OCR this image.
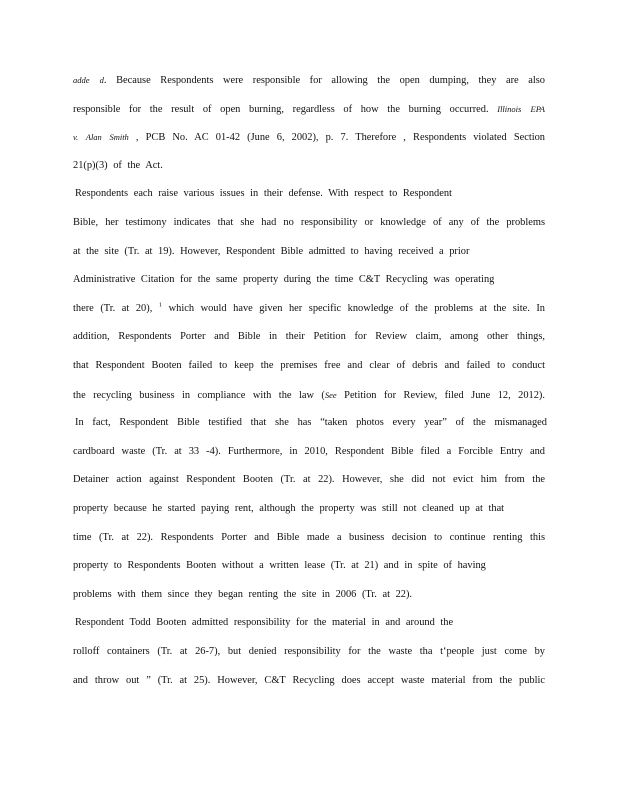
adde d. Because Respondents were responsible for allowing the open dumping, they are also
responsible for the result of open burning, regardless of how the burning occurred. Illinois EPA
v. Alan Smith , PCB No. AC 01-42 (June 6, 2002), p. 7. Therefore , Respondents violated Section
21(p)(3) of the Act.
Respondents each raise various issues in their defense. With respect to Respondent
Bible, her testimony indicates that she had no responsibility or knowledge of any of the problems
at the site (Tr. at 19). However, Respondent Bible admitted to having received a prior
Administrative Citation for the same property during the time C&T Recycling was operating
there (Tr. at 20), $^1$ which would have given her specific knowledge of the problems at the site. In
addition, Respondents Porter and Bible in their Petition for Review claim, among other things,
that Respondent Booten failed to keep the premises free and clear of debris and failed to conduct
the recycling business in compliance with the law (See Petition for Review, filed June 12, 2012).
In fact, Respondent Bible testified that she has “taken photos every year” of the mismanaged
cardboard waste (Tr. at 33 -4). Furthermore, in 2010, Respondent Bible filed a Forcible Entry and
Detainer action against Respondent Booten (Tr. at 22). However, she did not evict him from the
property because he started paying rent, although the property was still not cleaned up at that
time (Tr. at 22). Respondents Porter and Bible made a business decision to continue renting this
property to Respondents Booten without a written lease (Tr. at 21) and in spite of having
problems with them since they began renting the site in 2006 (Tr. at 22).
Respondent Todd Booten admitted responsibility for the material in and around the
rolloff containers (Tr. at 26-7), but denied responsibility for the waste tha t‘people just come by
and throw out ” (Tr. at 25). However, C&T Recycling does accept waste material from the public
